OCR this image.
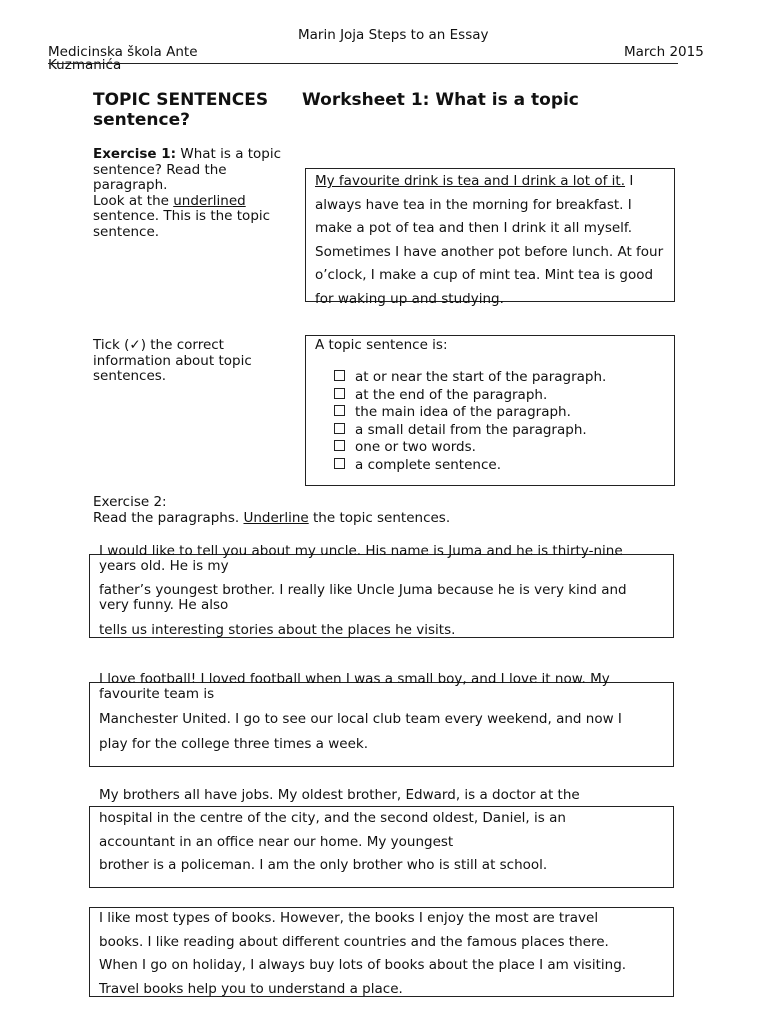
Marin Joja Steps to an Essay
Medicinska škola Ante
Kuzmanića
March 2015
TOPIC SENTENCES Worksheet 1: What is a topic
sentence?
Exercise 1: What is a topic sentence? Read the paragraph.
Look at the underlined sentence. This is the topic sentence.
My favourite drink is tea and I drink a lot of it. I always have tea in the morning for breakfast. I make a pot of tea and then I drink it all myself. Sometimes I have another pot before lunch. At four o’clock, I make a cup of mint tea. Mint tea is good for waking up and studying.
Tick (✓) the correct information about topic sentences.
A topic sentence is:
at or near the start of the paragraph.
at the end of the paragraph.
the main idea of the paragraph.
a small detail from the paragraph.
one or two words.
a complete sentence.
Exercise 2:
Read the paragraphs. Underline the topic sentences.
I would like to tell you about my uncle. His name is Juma and he is thirty-nine
years old. He is my
father’s youngest brother. I really like Uncle Juma because he is very kind and
very funny. He also
tells us interesting stories about the places he visits.
I love football! I loved football when I was a small boy, and I love it now. My
favourite team is
Manchester United. I go to see our local club team every weekend, and now I
play for the college three times a week.
My brothers all have jobs. My oldest brother, Edward, is a doctor at the
hospital in the centre of the city, and the second oldest, Daniel, is an
accountant in an office near our home. My youngest
brother is a policeman. I am the only brother who is still at school.
I like most types of books. However, the books I enjoy the most are travel
books. I like reading about different countries and the famous places there.
When I go on holiday, I always buy lots of books about the place I am visiting.
Travel books help you to understand a place.
